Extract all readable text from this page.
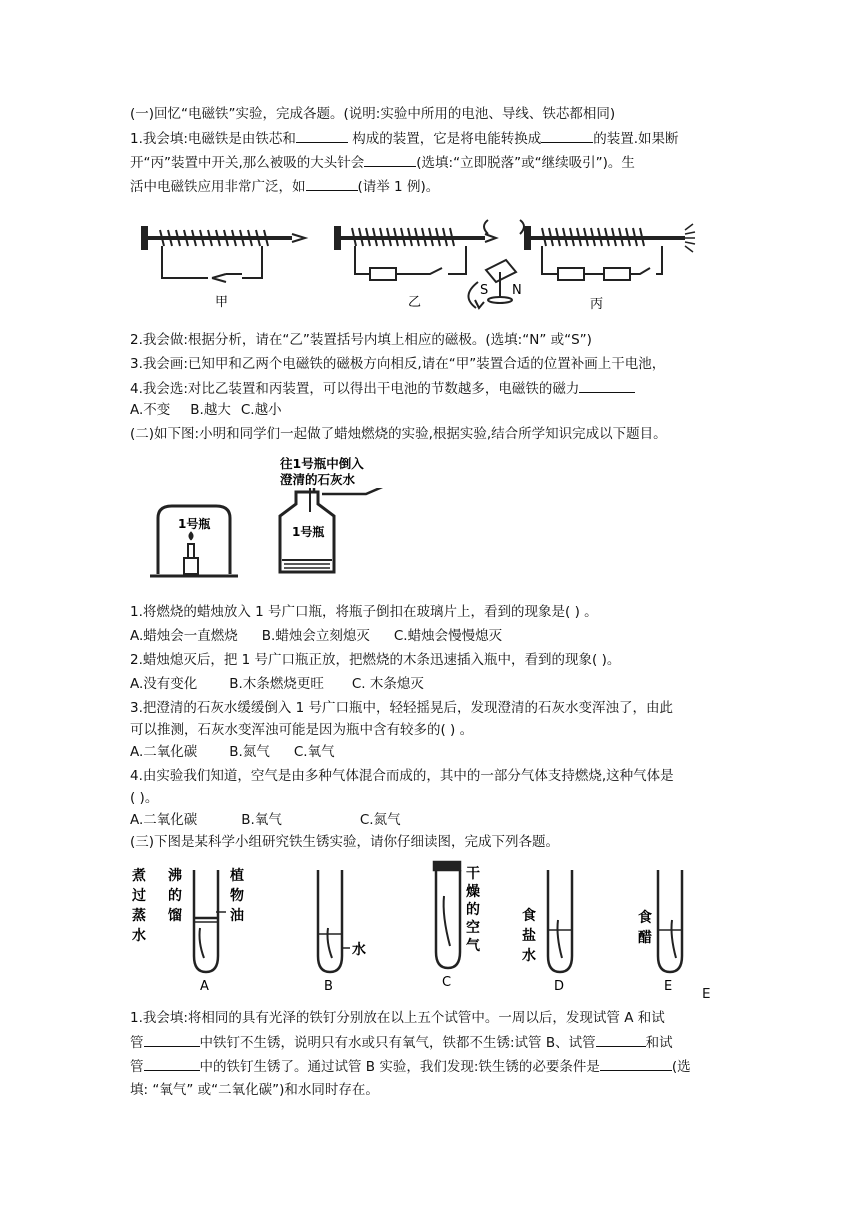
(一)回忆“电磁铁”实验，完成各题。(说明:实验中所用的电池、导线、铁芯都相同)
1.我会填:电磁铁是由铁芯和	构成的装置，它是将电能转换成	的装置.如果断
开“丙”装置中开关,那么被吸的大头针会	(选填:“立即脱落”或“继续吸引”)。生
活中电磁铁应用非常广泛，如	(请举 1 例)。
甲	乙
S N
丙
2.我会做:根据分析，请在“乙”装置括号内填上相应的磁极。(选填:“N” 或“S”)
3.我会画:已知甲和乙两个电磁铁的磁极方向相反,请在“甲”装置合适的位置补画上干电池，
4.我会选:对比乙装置和丙装置，可以得出干电池的节数越多，电磁铁的磁力
A.不变 B.越大 C.越小
(二)如下图:小明和同学们一起做了蜡烛燃烧的实验,根据实验,结合所学知识完成以下题目。
往1号瓶中倒入
澄清的石灰水
1号瓶
1号瓶
1.将燃烧的蜡烛放入 1 号广口瓶，将瓶子倒扣在玻璃片上，看到的现象是( ) 。
A.蜡烛会一直燃烧 B.蜡烛会立刻熄灭 C.蜡烛会慢慢熄灭
2.蜡烛熄灭后，把 1 号广口瓶正放，把燃烧的木条迅速插入瓶中，看到的现象( )。
A.没有变化 B.木条燃烧更旺 C. 木条熄灭
3.把澄清的石灰水缓缓倒入 1 号广口瓶中，轻轻摇晃后，发现澄清的石灰水变浑浊了，由此
可以推测，石灰水变浑浊可能是因为瓶中含有较多的( ) 。
A.二氧化碳 B.氮气 C.氧气
4.由实验我们知道，空气是由多种气体混合而成的，其中的一部分气体支持燃烧,这种气体是
( )。
A.二氧化碳	B.氧气	C.氮气
(三)下图是某科学小组研究铁生锈实验，请你仔细读图，完成下列各题。
煮过蒸水
沸的馏
植物油
水
干燥的空气
食盐水
食醋
A	B	C	D	E E
1.我会填:将相同的具有光泽的铁钉分别放在以上五个试管中。一周以后，发现试管 A 和试
管	中铁钉不生锈，说明只有水或只有氧气，铁都不生锈:试管 B、试管	和试
管	中的铁钉生锈了。通过试管 B 实验，我们发现:铁生锈的必要条件是	(选
填: “氧气” 或“二氧化碳”)和水同时存在。
